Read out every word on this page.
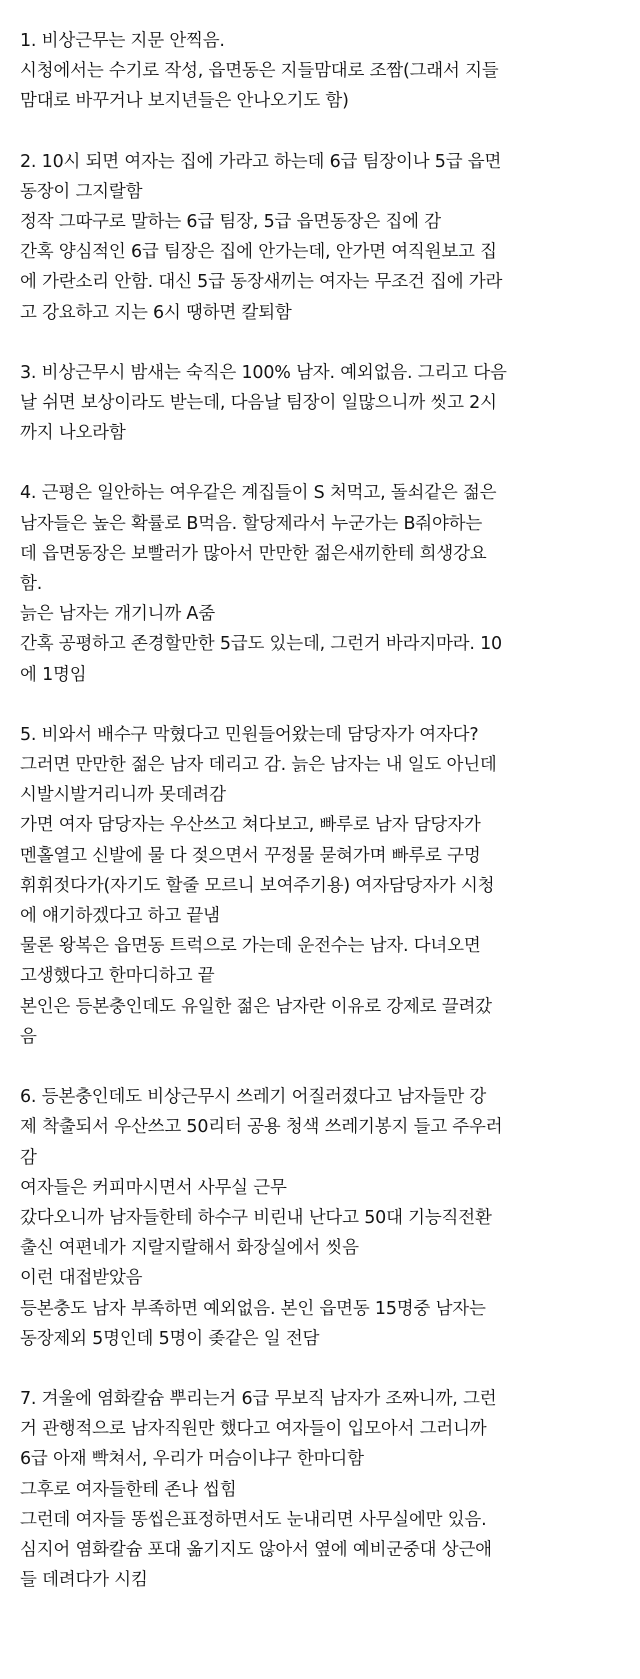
1. 비상근무는 지문 안찍음.
시청에서는 수기로 작성, 읍면동은 지들맘대로 조짬(그래서 지들
맘대로 바꾸거나 보지년들은 안나오기도 함)
2. 10시 되면 여자는 집에 가라고 하는데 6급 팀장이나 5급 읍면
동장이 그지랄함
정작 그따구로 말하는 6급 팀장, 5급 읍면동장은 집에 감
간혹 양심적인 6급 팀장은 집에 안가는데, 안가면 여직원보고 집
에 가란소리 안함. 대신 5급 동장새끼는 여자는 무조건 집에 가라
고 강요하고 지는 6시 땡하면 칼퇴함
3. 비상근무시 밤새는 숙직은 100% 남자. 예외없음. 그리고 다음
날 쉬면 보상이라도 받는데, 다음날 팀장이 일많으니까 씻고 2시
까지 나오라함
4. 근평은 일안하는 여우같은 계집들이 S 처먹고, 돌쇠같은 젊은
남자들은 높은 확률로 B먹음. 할당제라서 누군가는 B줘야하는
데 읍면동장은 보빨러가 많아서 만만한 젊은새끼한테 희생강요
함.
늙은 남자는 개기니까 A줌
간혹 공평하고 존경할만한 5급도 있는데, 그런거 바라지마라. 10
에 1명임
5. 비와서 배수구 막혔다고 민원들어왔는데 담당자가 여자다?
그러면 만만한 젊은 남자 데리고 감. 늙은 남자는 내 일도 아닌데
시발시발거리니까 못데려감
가면 여자 담당자는 우산쓰고 쳐다보고, 빠루로 남자 담당자가
멘홀열고 신발에 물 다 젖으면서 꾸정물 묻혀가며 빠루로 구멍
휘휘젓다가(자기도 할줄 모르니 보여주기용) 여자담당자가 시청
에 얘기하겠다고 하고 끝냄
물론 왕복은 읍면동 트럭으로 가는데 운전수는 남자. 다녀오면
고생했다고 한마디하고 끝
본인은 등본충인데도 유일한 젊은 남자란 이유로 강제로 끌려갔
음
6. 등본충인데도 비상근무시 쓰레기 어질러졌다고 남자들만 강
제 착출되서 우산쓰고 50리터 공용 청색 쓰레기봉지 들고 주우러
감
여자들은 커피마시면서 사무실 근무
갔다오니까 남자들한테 하수구 비린내 난다고 50대 기능직전환
출신 여편네가 지랄지랄해서 화장실에서 씻음
이런 대접받았음
등본충도 남자 부족하면 예외없음. 본인 읍면동 15명중 남자는
동장제외 5명인데 5명이 좆같은 일 전담
7. 겨울에 염화칼슘 뿌리는거 6급 무보직 남자가 조짜니까, 그런
거 관행적으로 남자직원만 했다고 여자들이 입모아서 그러니까
6급 아재 빡쳐서, 우리가 머슴이냐구 한마디함
그후로 여자들한테 존나 씹힘
그런데 여자들 똥씹은표정하면서도 눈내리면 사무실에만 있음.
심지어 염화칼슘 포대 옮기지도 않아서 옆에 예비군중대 상근애
들 데려다가 시킴
